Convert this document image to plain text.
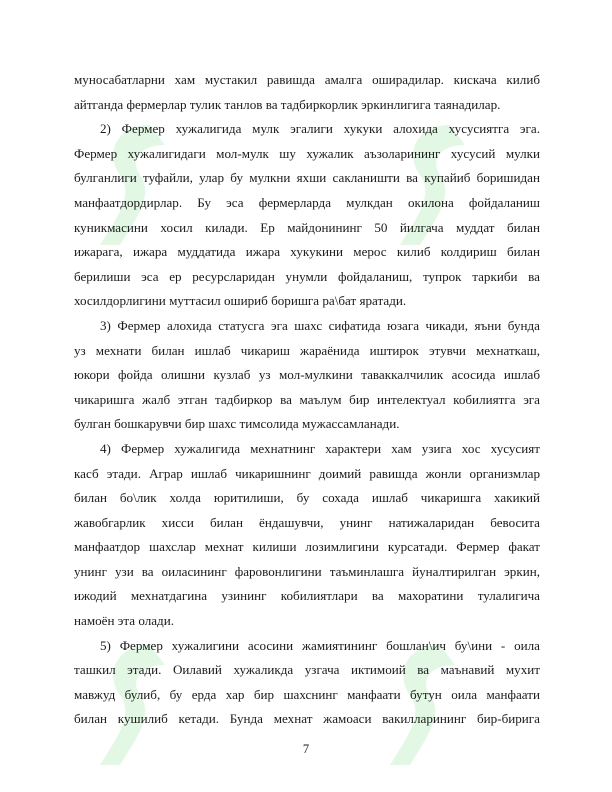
муносабатларни хам мустакил равишда амалга оширадилар. кискача килиб
айтганда фермерлар тулик танлов ва тадбиркорлик эркинлигига таянадилар.
2) Фермер хужалигида мулк эгалиги хукуки алохида хусусиятга эга.
Фермер хужалигидаги мол-мулк шу хужалик аъзоларининг хусусий мулки
булганлиги туфайли, улар бу мулкни яхши сакланишти ва купайиб боришидан
манфаатдордирлар. Бу эса фермерларда мулкдан окилона фойдаланиш
куникмасини хосил килади. Ер майдонининг 50 йилгача муддат билан
ижарага, ижара муддатида ижара хукукини мерос килиб колдириш билан
берилиши эса ер ресурсларидан унумли фойдаланиш, тупрок таркиби ва
хосилдорлигини муттасил ошириб боришга ра\бат яратади.
3) Фермер алохида статусга эга шахс сифатида юзага чикади, яъни бунда
уз мехнати билан ишлаб чикариш жараёнида иштирок этувчи мехнаткаш,
юкори фойда олишни кузлаб уз мол-мулкини таваккалчилик асосида ишлаб
чикаришга жалб этган тадбиркор ва маълум бир интелектуал кобилиятга эга
булган бошкарувчи бир шахс тимсолида мужассамланади.
4) Фермер хужалигида мехнатнинг характери хам узига хос хусусият
касб этади. Аграр ишлаб чикаришнинг доимий равишда жонли организмлар
билан бо\лик холда юритилиши, бу сохада ишлаб чикаришга хакикий
жавобгарлик хисси билан ёндашувчи, унинг натижаларидан бевосита
манфаатдор шахслар мехнат килиши лозимлигини курсатади. Фермер факат
унинг узи ва оиласининг фаровонлигини таъминлашга йуналтирилган эркин,
ижодий мехнатдагина узининг кобилиятлари ва махоратини тулалигича
намоён эта олади.
5) Фермер хужалигини асосини жамиятининг бошлан\ич бу\ини - оила
ташкил этади. Оилавий хужаликда узгача иктимоий ва маънавий мухит
мавжуд булиб, бу ерда хар бир шахснинг манфаати бутун оила манфаати
билан кушилиб кетади. Бунда мехнат жамоаси вакилларининг бир-бирига
7
